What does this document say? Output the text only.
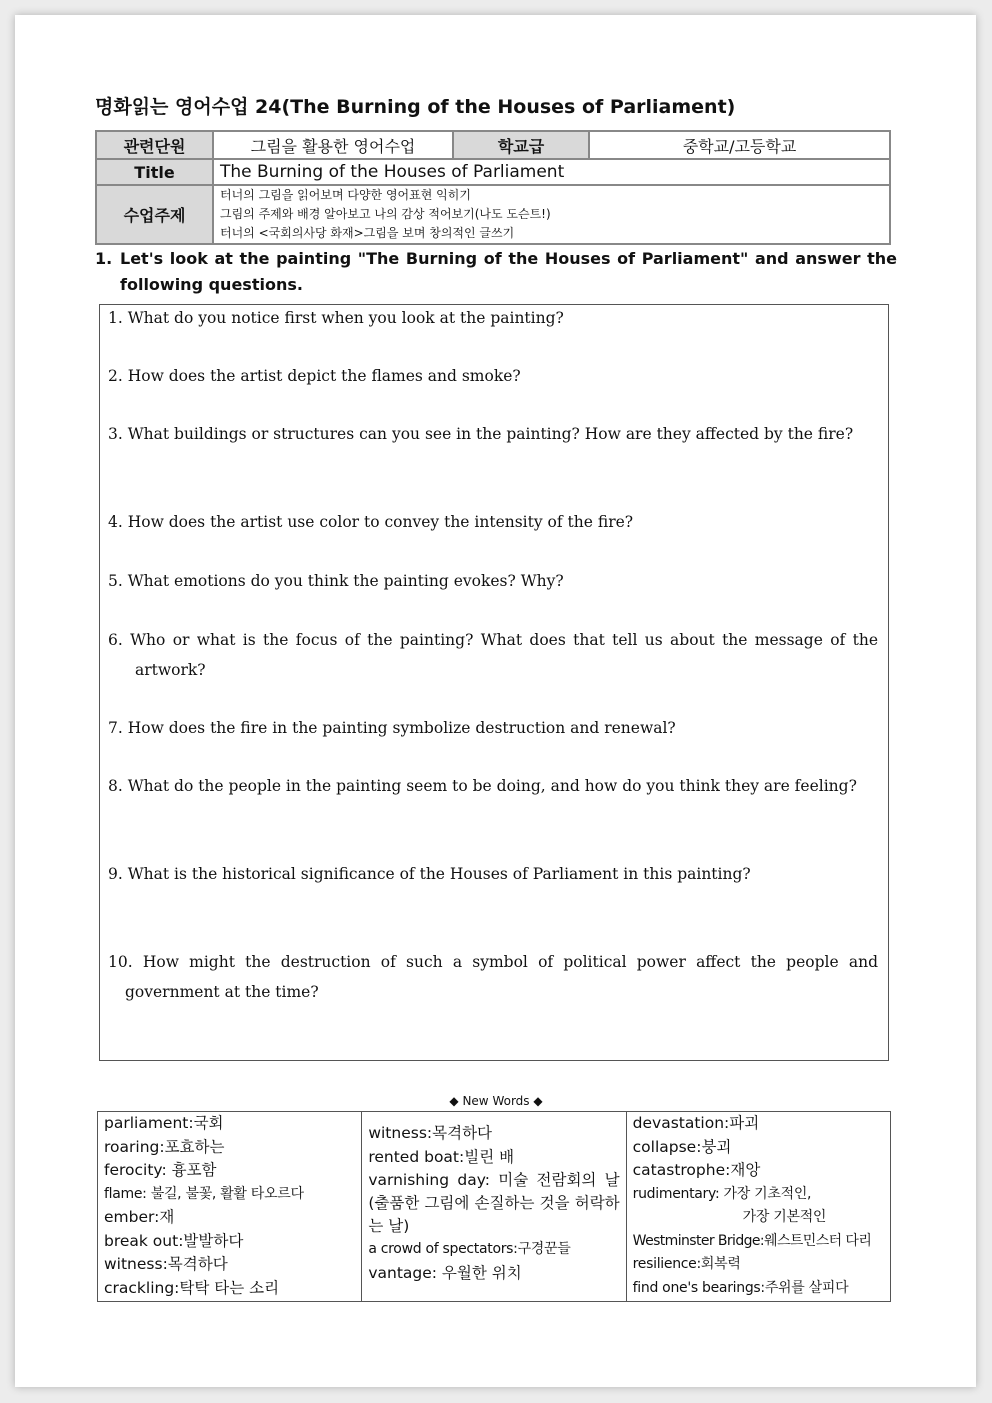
명화읽는 영어수업 24(The Burning of the Houses of Parliament)
관련단원	그림을 활용한 영어수업	학교급	중학교/고등학교
Title	The Burning of the Houses of Parliament		
수업주제	터너의 그림을 읽어보며 다양한 영어표현 익히기
그림의 주제와 배경 알아보고 나의 감상 적어보기(나도 도슨트!)
터너의 <국회의사당 화재>그림을 보며 창의적인 글쓰기		
1. Let's look at the painting "The Burning of the Houses of Parliament" and answer the following questions.
1. What do you notice first when you look at the painting?
2. How does the artist depict the flames and smoke?
3. What buildings or structures can you see in the painting? How are they affected by the fire?
4. How does the artist use color to convey the intensity of the fire?
5. What emotions do you think the painting evokes? Why?
6. Who or what is the focus of the painting? What does that tell us about the message of the artwork?
7. How does the fire in the painting symbolize destruction and renewal?
8. What do the people in the painting seem to be doing, and how do you think they are feeling?
9. What is the historical significance of the Houses of Parliament in this painting?
10. How might the destruction of such a symbol of political power affect the people and government at the time?
◆ New Words ◆
parliament:국회
roaring:포효하는
ferocity: 흉포함
flame: 불길, 불꽃, 활활 타오르다
ember:재
break out:발발하다
witness:목격하다
crackling:탁탁 타는 소리

witness:목격하다
rented boat:빌린 배
varnishing day: 미술 전람회의 날(출품한 그림에 손질하는 것을 허락하는 날)
a crowd of spectators:구경꾼들
vantage: 우월한 위치

devastation:파괴
collapse:붕괴
catastrophe:재앙
rudimentary: 가장 기초적인,
가장 기본적인
Westminster Bridge:웨스트민스터 다리
resilience:회복력
find one's bearings:주위를 살피다
